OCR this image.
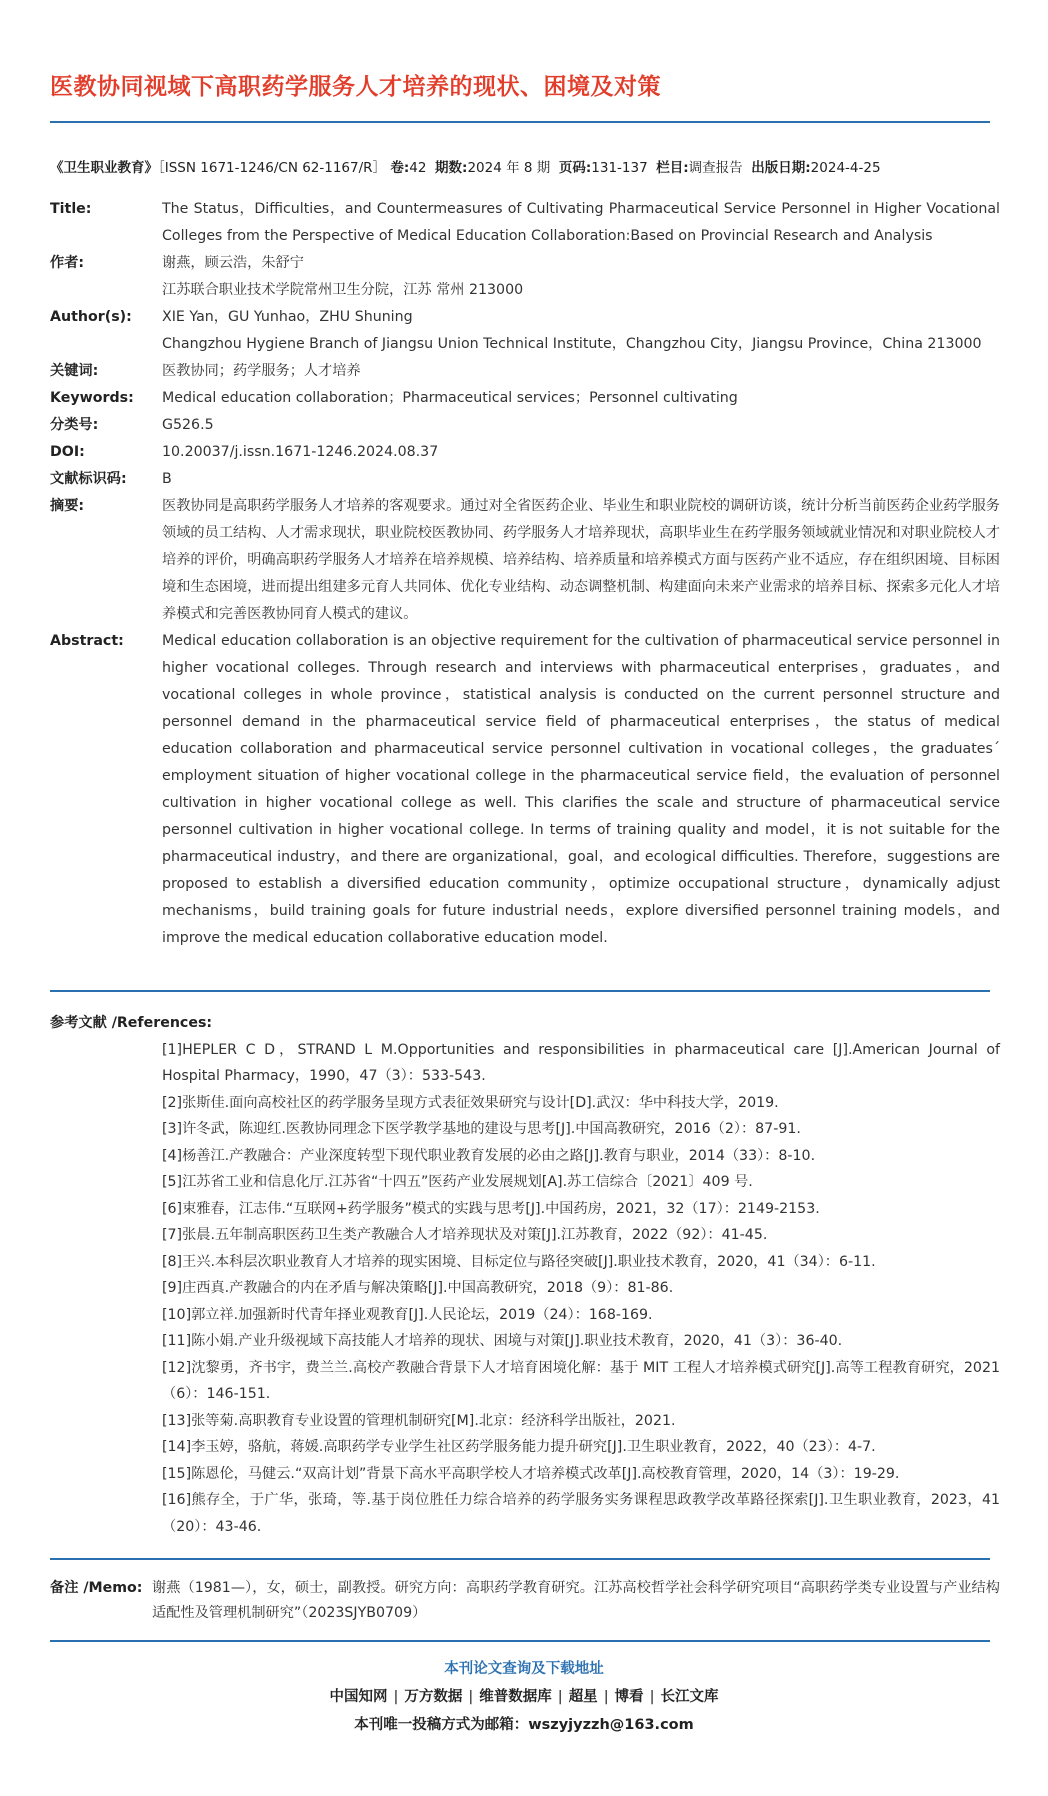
医教协同视域下高职药学服务人才培养的现状、困境及对策
《卫生职业教育》［ISSN 1671-1246/CN 62-1167/R］ 卷:42 期数:2024 年 8 期 页码:131-137 栏目:调查报告 出版日期:2024-4-25
Title:	The Status，Difficulties，and Countermeasures of Cultivating Pharmaceutical Service Personnel in Higher Vocational Colleges from the Perspective of Medical Education Collaboration:Based on Provincial Research and Analysis
作者:	谢燕，顾云浩，朱舒宁

江苏联合职业技术学院常州卫生分院，江苏 常州 213000

Author(s):	XIE Yan，GU Yunhao，ZHU Shuning

Changzhou Hygiene Branch of Jiangsu Union Technical Institute，Changzhou City，Jiangsu Province，China 213000

关键词:	医教协同；药学服务；人才培养
Keywords:	Medical education collaboration；Pharmaceutical services；Personnel cultivating
分类号:	G526.5
DOI:	10.20037/j.issn.1671-1246.2024.08.37
文献标识码:	B
摘要:	医教协同是高职药学服务人才培养的客观要求。通过对全省医药企业、毕业生和职业院校的调研访谈，统计分析当前医药企业药学服务领域的员工结构、人才需求现状，职业院校医教协同、药学服务人才培养现状，高职毕业生在药学服务领域就业情况和对职业院校人才培养的评价，明确高职药学服务人才培养在培养规模、培养结构、培养质量和培养模式方面与医药产业不适应，存在组织困境、目标困境和生态困境，进而提出组建多元育人共同体、优化专业结构、动态调整机制、构建面向未来产业需求的培养目标、探索多元化人才培养模式和完善医教协同育人模式的建议。
Abstract:	Medical education collaboration is an objective requirement for the cultivation of pharmaceutical service personnel in higher vocational colleges. Through research and interviews with pharmaceutical enterprises，graduates，and vocational colleges in whole province，statistical analysis is conducted on the current personnel structure and personnel demand in the pharmaceutical service field of pharmaceutical enterprises，the status of medical education collaboration and pharmaceutical service personnel cultivation in vocational colleges，the graduates´ employment situation of higher vocational college in the pharmaceutical service field，the evaluation of personnel cultivation in higher vocational college as well. This clarifies the scale and structure of pharmaceutical service personnel cultivation in higher vocational college. In terms of training quality and model，it is not suitable for the pharmaceutical industry，and there are organizational，goal，and ecological difficulties. Therefore，suggestions are proposed to establish a diversified education community，optimize occupational structure，dynamically adjust mechanisms，build training goals for future industrial needs，explore diversified personnel training models，and improve the medical education collaborative education model.
参考文献 /References:
[1]HEPLER C D，STRAND L M.Opportunities and responsibilities in pharmaceutical care [J].American Journal of Hospital Pharmacy，1990，47（3）：533-543.
[2]张斯佳.面向高校社区的药学服务呈现方式表征效果研究与设计[D].武汉：华中科技大学，2019.
[3]许冬武，陈迎红.医教协同理念下医学教学基地的建设与思考[J].中国高教研究，2016（2）：87-91.
[4]杨善江.产教融合：产业深度转型下现代职业教育发展的必由之路[J].教育与职业，2014（33）：8-10.
[5]江苏省工业和信息化厅.江苏省“十四五”医药产业发展规划[A].苏工信综合〔2021〕409 号.
[6]束雅春，江志伟.“互联网+药学服务”模式的实践与思考[J].中国药房，2021，32（17）：2149-2153.
[7]张晨.五年制高职医药卫生类产教融合人才培养现状及对策[J].江苏教育，2022（92）：41-45.
[8]王兴.本科层次职业教育人才培养的现实困境、目标定位与路径突破[J].职业技术教育，2020，41（34）：6-11.
[9]庄西真.产教融合的内在矛盾与解决策略[J].中国高教研究，2018（9）：81-86.
[10]郭立祥.加强新时代青年择业观教育[J].人民论坛，2019（24）：168-169.
[11]陈小娟.产业升级视域下高技能人才培养的现状、困境与对策[J].职业技术教育，2020，41（3）：36-40.
[12]沈黎勇，齐书宇，费兰兰.高校产教融合背景下人才培育困境化解：基于 MIT 工程人才培养模式研究[J].高等工程教育研究，2021（6）：146-151.
[13]张等菊.高职教育专业设置的管理机制研究[M].北京：经济科学出版社，2021.
[14]李玉婷，骆航，蒋媛.高职药学专业学生社区药学服务能力提升研究[J].卫生职业教育，2022，40（23）：4-7.
[15]陈恩伦，马健云.“双高计划”背景下高水平高职学校人才培养模式改革[J].高校教育管理，2020，14（3）：19-29.
[16]熊存全，于广华，张琦，等.基于岗位胜任力综合培养的药学服务实务课程思政教学改革路径探索[J].卫生职业教育，2023，41（20）：43-46.
备注 /Memo: 谢燕（1981—），女，硕士，副教授。研究方向：高职药学教育研究。江苏高校哲学社会科学研究项目“高职药学类专业设置与产业结构适配性及管理机制研究”（2023SJYB0709）
本刊论文查询及下载地址
中国知网 | 万方数据 | 维普数据库 | 超星 | 博看 | 长江文库
本刊唯一投稿方式为邮箱：wszyjyzzh@163.com
